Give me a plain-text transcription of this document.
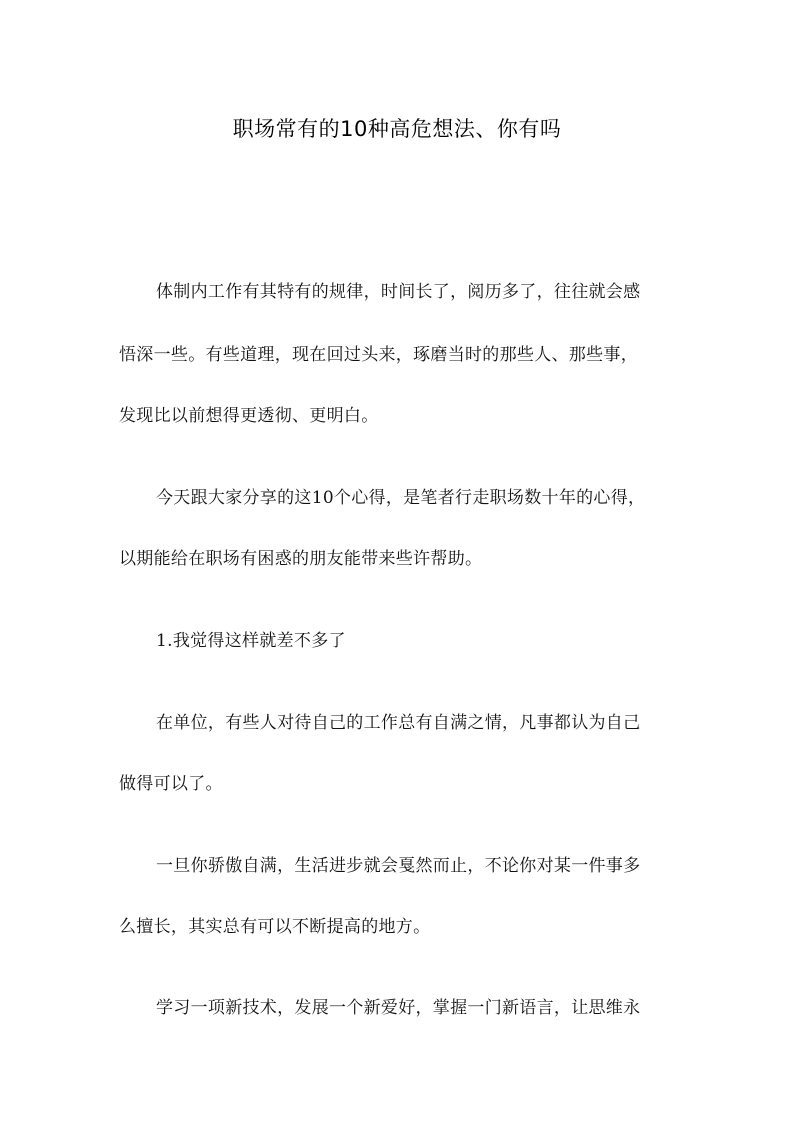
职场常有的10种高危想法、你有吗
体制内工作有其特有的规律，时间长了，阅历多了，往往就会感
悟深一些。有些道理，现在回过头来，琢磨当时的那些人、那些事，
发现比以前想得更透彻、更明白。
今天跟大家分享的这10个心得，是笔者行走职场数十年的心得，
以期能给在职场有困惑的朋友能带来些许帮助。
1.我觉得这样就差不多了
在单位，有些人对待自己的工作总有自满之情，凡事都认为自己
做得可以了。
一旦你骄傲自满，生活进步就会戛然而止，不论你对某一件事多
么擅长，其实总有可以不断提高的地方。
学习一项新技术，发展一个新爱好，掌握一门新语言，让思维永
